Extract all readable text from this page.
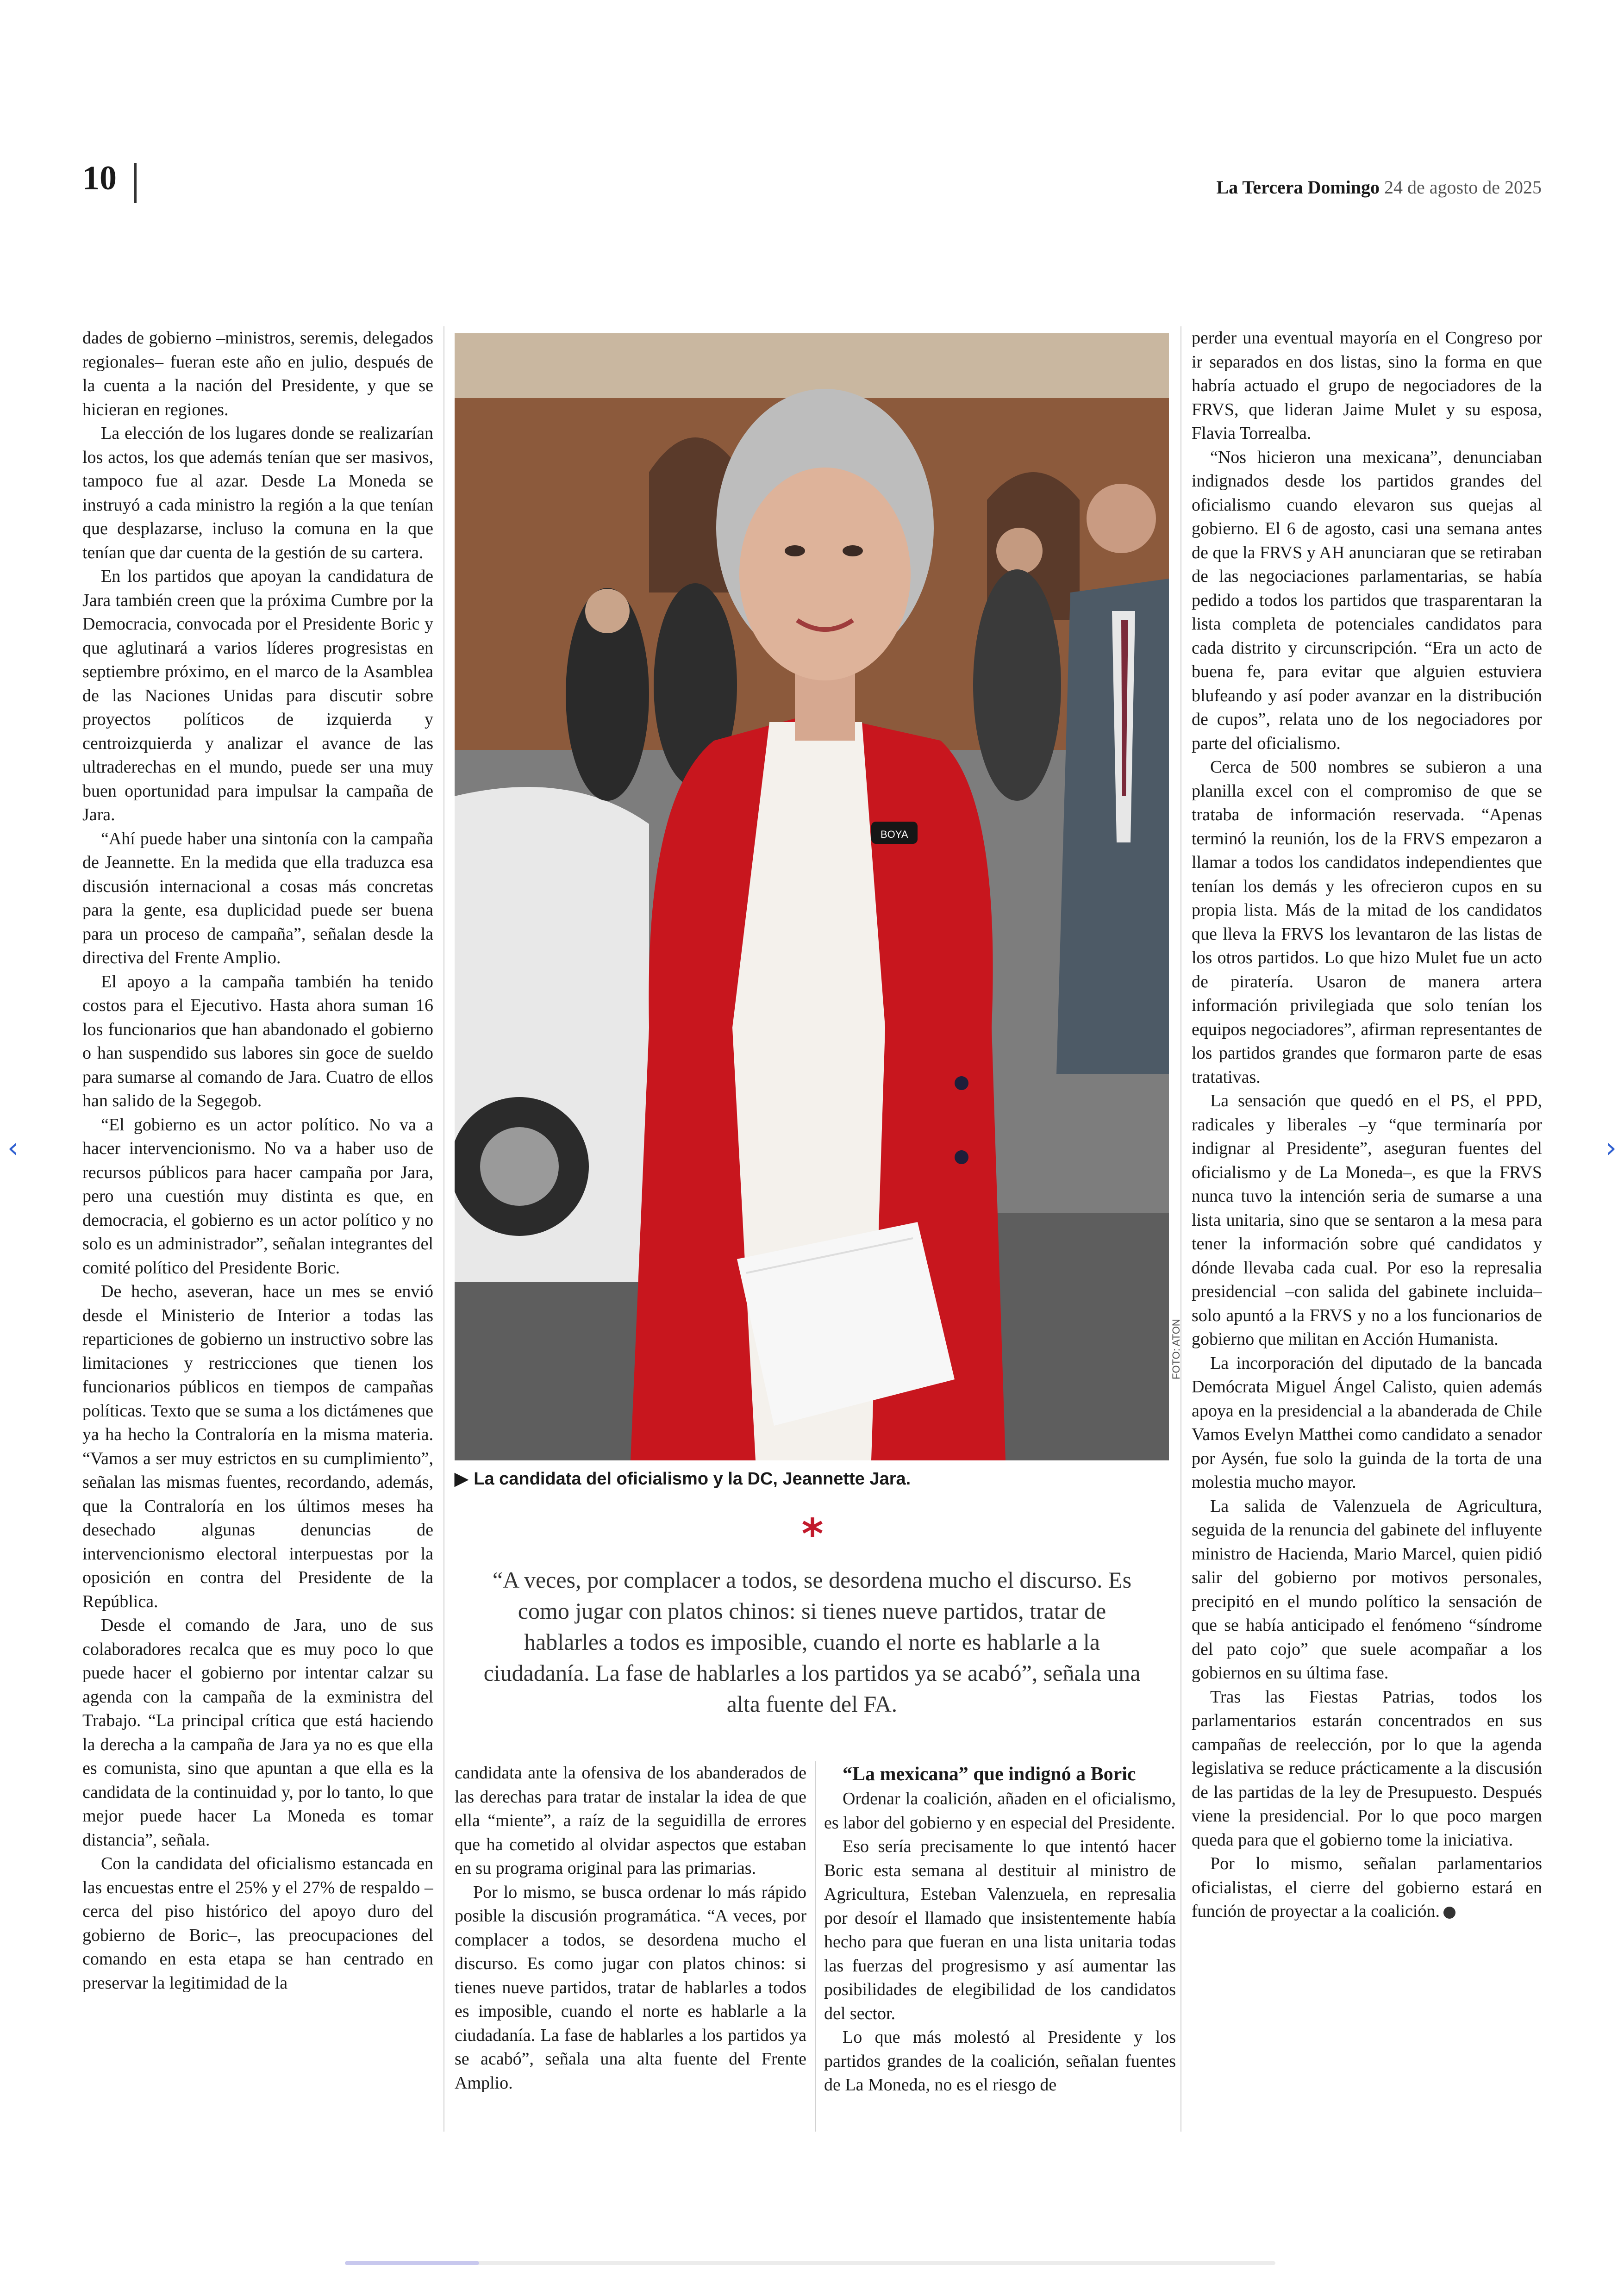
10	La Tercera Domingo 24 de agosto de 2025

dades de gobierno –ministros, seremis, delegados regionales– fueran este año en julio, después de la cuenta a la nación del Presidente, y que se hicieran en regiones.

La elección de los lugares donde se realizarían los actos, los que además tenían que ser masivos, tampoco fue al azar. Desde La Moneda se instruyó a cada ministro la región a la que tenían que desplazarse, incluso la comuna en la que tenían que dar cuenta de la gestión de su cartera.

En los partidos que apoyan la candidatura de Jara también creen que la próxima Cumbre por la Democracia, convocada por el Presidente Boric y que aglutinará a varios líderes progresistas en septiembre próximo, en el marco de la Asamblea de las Naciones Unidas para discutir sobre proyectos políticos de izquierda y centroizquierda y analizar el avance de las ultraderechas en el mundo, puede ser una muy buen oportunidad para impulsar la campaña de Jara.

“Ahí puede haber una sintonía con la campaña de Jeannette. En la medida que ella traduzca esa discusión internacional a cosas más concretas para la gente, esa duplicidad puede ser buena para un proceso de campaña”, señalan desde la directiva del Frente Amplio.

El apoyo a la campaña también ha tenido costos para el Ejecutivo. Hasta ahora suman 16 los funcionarios que han abandonado el gobierno o han suspendido sus labores sin goce de sueldo para sumarse al comando de Jara. Cuatro de ellos han salido de la Segegob.

“El gobierno es un actor político. No va a hacer intervencionismo. No va a haber uso de recursos públicos para hacer campaña por Jara, pero una cuestión muy distinta es que, en democracia, el gobierno es un actor político y no solo es un administrador”, señalan integrantes del comité político del Presidente Boric.

De hecho, aseveran, hace un mes se envió desde el Ministerio de Interior a todas las reparticiones de gobierno un instructivo sobre las limitaciones y restricciones que tienen los funcionarios públicos en tiempos de campañas políticas. Texto que se suma a los dictámenes que ya ha hecho la Contraloría en la misma materia. “Vamos a ser muy estrictos en su cumplimiento”, señalan las mismas fuentes, recordando, además, que la Contraloría en los últimos meses ha desechado algunas denuncias de intervencionismo electoral interpuestas por la oposición en contra del Presidente de la República.

Desde el comando de Jara, uno de sus colaboradores recalca que es muy poco lo que puede hacer el gobierno por intentar calzar su agenda con la campaña de la exministra del Trabajo. “La principal crítica que está haciendo la derecha a la campaña de Jara ya no es que ella es comunista, sino que apuntan a que ella es la candidata de la continuidad y, por lo tanto, lo que mejor puede hacer La Moneda es tomar distancia”, señala.

Con la candidata del oficialismo estancada en las encuestas entre el 25% y el 27% de respaldo –cerca del piso histórico del apoyo duro del gobierno de Boric–, las preocupaciones del comando en esta etapa se han centrado en preservar la legitimidad de la

BOYA
FOTO: ATON
▶ La candidata del oficialismo y la DC, Jeannette Jara.
*
“A veces, por complacer a todos, se desordena mucho el discurso. Es como jugar con platos chinos: si tienes nueve partidos, tratar de hablarles a todos es imposible, cuando el norte es hablarle a la ciudadanía. La fase de hablarles a los partidos ya se acabó”, señala una alta fuente del FA.

candidata ante la ofensiva de los abanderados de las derechas para tratar de instalar la idea de que ella “miente”, a raíz de la seguidilla de errores que ha cometido al olvidar aspectos que estaban en su programa original para las primarias.

Por lo mismo, se busca ordenar lo más rápido posible la discusión programática. “A veces, por complacer a todos, se desordena mucho el discurso. Es como jugar con platos chinos: si tienes nueve partidos, tratar de hablarles a todos es imposible, cuando el norte es hablarle a la ciudadanía. La fase de hablarles a los partidos ya se acabó”, señala una alta fuente del Frente Amplio.

“La mexicana” que indignó a Boric

Ordenar la coalición, añaden en el oficialismo, es labor del gobierno y en especial del Presidente.

Eso sería precisamente lo que intentó hacer Boric esta semana al destituir al ministro de Agricultura, Esteban Valenzuela, en represalia por desoír el llamado que insistentemente había hecho para que fueran en una lista unitaria todas las fuerzas del progresismo y así aumentar las posibilidades de elegibilidad de los candidatos del sector.

Lo que más molestó al Presidente y los partidos grandes de la coalición, señalan fuentes de La Moneda, no es el riesgo de

perder una eventual mayoría en el Congreso por ir separados en dos listas, sino la forma en que habría actuado el grupo de negociadores de la FRVS, que lideran Jaime Mulet y su esposa, Flavia Torrealba.

“Nos hicieron una mexicana”, denunciaban indignados desde los partidos grandes del oficialismo cuando elevaron sus quejas al gobierno. El 6 de agosto, casi una semana antes de que la FRVS y AH anunciaran que se retiraban de las negociaciones parlamentarias, se había pedido a todos los partidos que trasparentaran la lista completa de potenciales candidatos para cada distrito y circunscripción. “Era un acto de buena fe, para evitar que alguien estuviera blufeando y así poder avanzar en la distribución de cupos”, relata uno de los negociadores por parte del oficialismo.

Cerca de 500 nombres se subieron a una planilla excel con el compromiso de que se trataba de información reservada. “Apenas terminó la reunión, los de la FRVS empezaron a llamar a todos los candidatos independientes que tenían los demás y les ofrecieron cupos en su propia lista. Más de la mitad de los candidatos que lleva la FRVS los levantaron de las listas de los otros partidos. Lo que hizo Mulet fue un acto de piratería. Usaron de manera artera información privilegiada que solo tenían los equipos negociadores”, afirman representantes de los partidos grandes que formaron parte de esas tratativas.

La sensación que quedó en el PS, el PPD, radicales y liberales –y “que terminaría por indignar al Presidente”, aseguran fuentes del oficialismo y de La Moneda–, es que la FRVS nunca tuvo la intención seria de sumarse a una lista unitaria, sino que se sentaron a la mesa para tener la información sobre qué candidatos y dónde llevaba cada cual. Por eso la represalia presidencial –con salida del gabinete incluida– solo apuntó a la FRVS y no a los funcionarios de gobierno que militan en Acción Humanista.

La incorporación del diputado de la bancada Demócrata Miguel Ángel Calisto, quien además apoya en la presidencial a la abanderada de Chile Vamos Evelyn Matthei como candidato a senador por Aysén, fue solo la guinda de la torta de una molestia mucho mayor.

La salida de Valenzuela de Agricultura, seguida de la renuncia del gabinete del influyente ministro de Hacienda, Mario Marcel, quien pidió salir del gobierno por motivos personales, precipitó en el mundo político la sensación de que se había anticipado el fenómeno “síndrome del pato cojo” que suele acompañar a los gobiernos en su última fase.

Tras las Fiestas Patrias, todos los parlamentarios estarán concentrados en sus campañas de reelección, por lo que la agenda legislativa se reduce prácticamente a la discusión de las partidas de la ley de Presupuesto. Después viene la presidencial. Por lo que poco margen queda para que el gobierno tome la iniciativa.

Por lo mismo, señalan parlamentarios oficialistas, el cierre del gobierno estará en función de proyectar a la coalición.

‹	›
